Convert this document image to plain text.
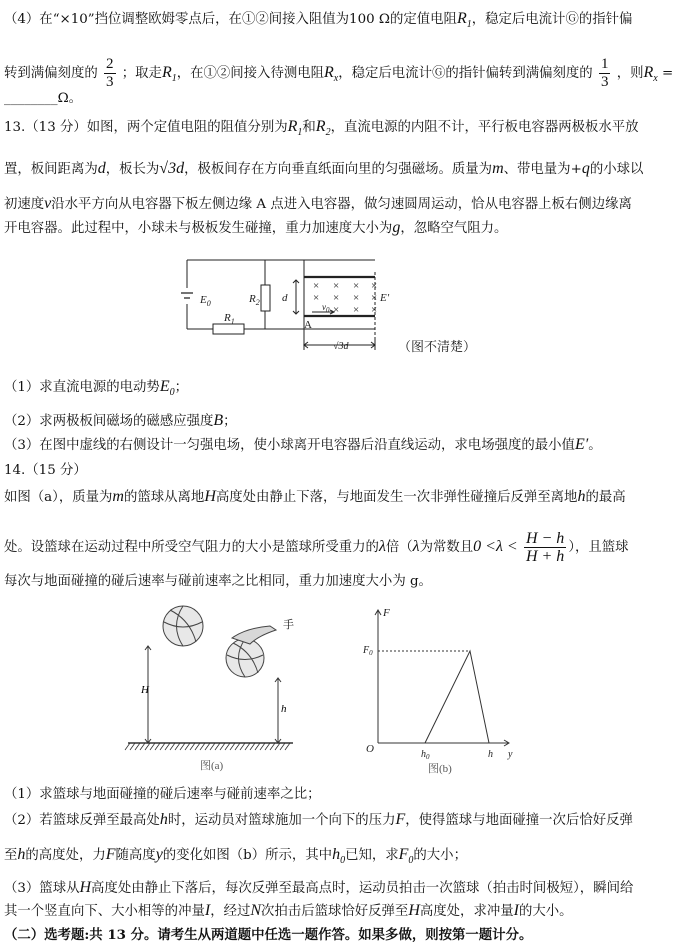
（4）在“×10”挡位调整欧姆零点后，在①②间接入阻值为100 Ω的定值电阻$R_1$，稳定后电流计Ⓖ的指针偏
转到满偏刻度的 $\frac{2}{3}$ ；取走$R_1$，在①②间接入待测电阻$R_x$，稳定后电流计Ⓖ的指针偏转到满偏刻度的 $\frac{1}{3}$ ，则$R_x$ =
________Ω。
13.（13 分）如图，两个定值电阻的阻值分别为$R_1$和$R_2$，直流电源的内阻不计，平行板电容器两极板水平放
置，板间距离为d，板长为√3d，极板间存在方向垂直纸面向里的匀强磁场。质量为m、带电量为+q的小球以
初速度v沿水平方向从电容器下板左侧边缘 A 点进入电容器，做匀速圆周运动，恰从电容器上板右侧边缘离
开电容器。此过程中，小球未与极板发生碰撞，重力加速度大小为g，忽略空气阻力。
$E_0$
$R_1$
$R_2$ d	E′
A
$v_0$
√3d
× × × ×
× × × ×
× × ×
（图不清楚）
（1）求直流电源的电动势$E_0$；
（2）求两极板间磁场的磁感应强度B；
（3）在图中虚线的右侧设计一匀强电场，使小球离开电容器后沿直线运动，求电场强度的最小值E′。
14.（15 分）
如图（a），质量为m的篮球从离地H高度处由静止下落，与地面发生一次非弹性碰撞后反弹至离地h的最高
处。设篮球在运动过程中所受空气阻力的大小是篮球所受重力的λ倍（λ为常数且$0 <\lambda < \frac{H - h}{H + h}$ ），且篮球
每次与地面碰撞的碰后速率与碰前速率之比相同，重力加速度大小为 g。
手
H
h
图(a)
F
$F_0$
O	$h_0$	h y
图(b)
（1）求篮球与地面碰撞的碰后速率与碰前速率之比；
（2）若篮球反弹至最高处h时，运动员对篮球施加一个向下的压力F，使得篮球与地面碰撞一次后恰好反弹
至h的高度处，力F随高度y的变化如图（b）所示，其中$h_0$已知，求$F_0$的大小；
（3）篮球从H高度处由静止下落后，每次反弹至最高点时，运动员拍击一次篮球（拍击时间极短），瞬间给
其一个竖直向下、大小相等的冲量I，经过N次拍击后篮球恰好反弹至H高度处，求冲量I的大小。
（二）选考题:共 13 分。请考生从两道题中任选一题作答。如果多做，则按第一题计分。
